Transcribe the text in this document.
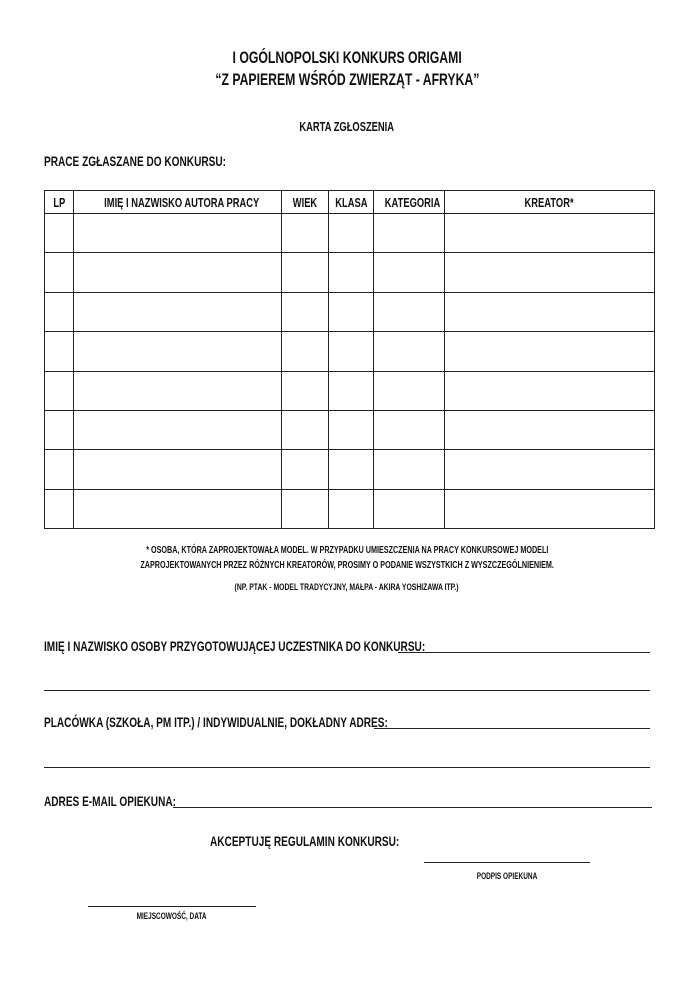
I OGÓLNOPOLSKI KONKURS ORIGAMI
“Z PAPIEREM WŚRÓD ZWIERZĄT - AFRYKA”
KARTA ZGŁOSZENIA
PRACE ZGŁASZANE DO KONKURSU:
LP	IMIĘ I NAZWISKO AUTORA PRACY	WIEK	KLASA	KATEGORIA	KREATOR*

* OSOBA, KTÓRA ZAPROJEKTOWAŁA MODEL. W PRZYPADKU UMIESZCZENIA NA PRACY KONKURSOWEJ MODELI
ZAPROJEKTOWANYCH PRZEZ RÓŻNYCH KREATORÓW, PROSIMY O PODANIE WSZYSTKICH Z WYSZCZEGÓLNIENIEM.
(NP. PTAK - MODEL TRADYCYJNY, MAŁPA - AKIRA YOSHIZAWA ITP.)
IMIĘ I NAZWISKO OSOBY PRZYGOTOWUJĄCEJ UCZESTNIKA DO KONKURSU:
PLACÓWKA (SZKOŁA, PM ITP.) / INDYWIDUALNIE, DOKŁADNY ADRES:
ADRES E-MAIL OPIEKUNA:
AKCEPTUJĘ REGULAMIN KONKURSU:
PODPIS OPIEKUNA
MIEJSCOWOŚĆ, DATA
